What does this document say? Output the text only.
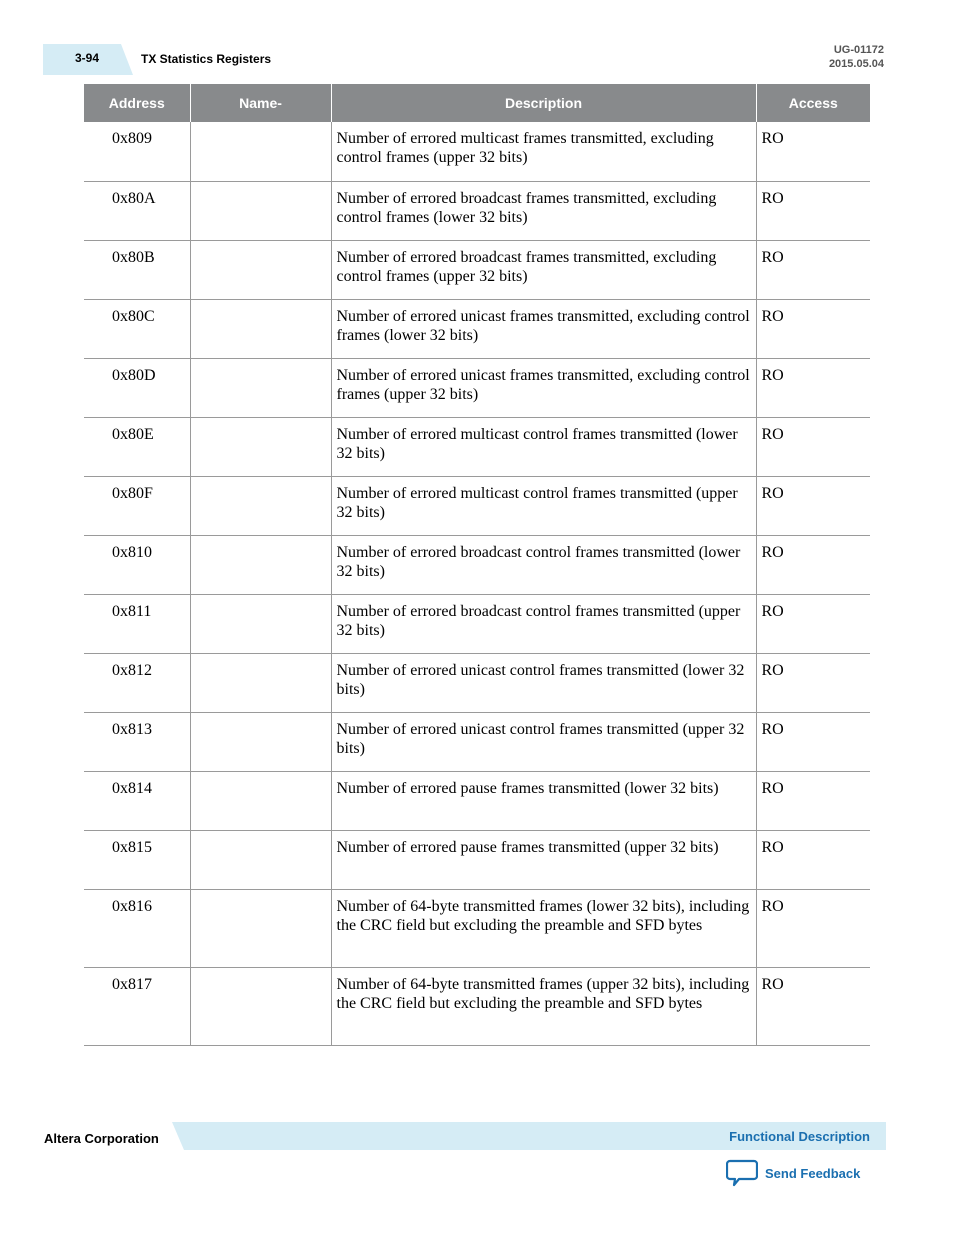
3-94	TX Statistics Registers
UG-01172
2015.05.04
Address	Name-	Description	Access
0x809		Number of errored multicast frames transmitted, excluding control frames (upper 32 bits)	RO
0x80A		Number of errored broadcast frames transmitted, excluding control frames (lower 32 bits)	RO
0x80B		Number of errored broadcast frames transmitted, excluding control frames (upper 32 bits)	RO
0x80C		Number of errored unicast frames transmitted, excluding control frames (lower 32 bits)	RO
0x80D		Number of errored unicast frames transmitted, excluding control frames (upper 32 bits)	RO
0x80E		Number of errored multicast control frames transmitted (lower 32 bits)	RO
0x80F		Number of errored multicast control frames transmitted (upper 32 bits)	RO
0x810		Number of errored broadcast control frames transmitted (lower 32 bits)	RO
0x811		Number of errored broadcast control frames transmitted (upper 32 bits)	RO
0x812		Number of errored unicast control frames transmitted (lower 32 bits)	RO
0x813		Number of errored unicast control frames transmitted (upper 32 bits)	RO
0x814		Number of errored pause frames transmitted (lower 32 bits)	RO
0x815		Number of errored pause frames transmitted (upper 32 bits)	RO
0x816		Number of 64-byte transmitted frames (lower 32 bits), including the CRC field but excluding the preamble and SFD bytes	RO
0x817		Number of 64-byte transmitted frames (upper 32 bits), including the CRC field but excluding the preamble and SFD bytes	RO
Altera Corporation	Functional Description
Send Feedback
